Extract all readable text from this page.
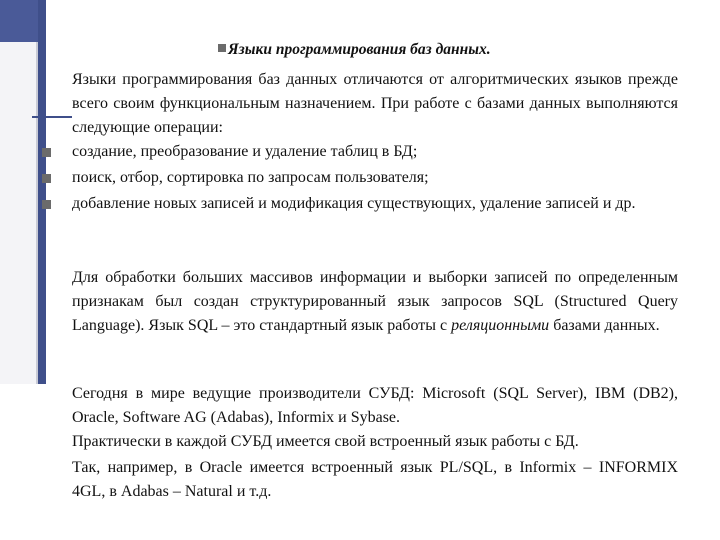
Языки программирования баз данных.
Языки программирования баз данных отличаются от алгоритмических языков прежде всего своим функциональным назначением. При работе с базами данных выполняются следующие операции:
создание, преобразование и удаление таблиц в БД;
поиск, отбор, сортировка по запросам пользователя;
добавление новых записей и модификация существующих, удаление записей и др.
Для обработки больших массивов информации и выборки записей по определенным признакам был создан структурированный язык запросов SQL (Structured Query Language). Язык SQL – это стандартный язык работы с реляционными базами данных.
Сегодня в мире ведущие производители СУБД: Microsoft (SQL Server), IBM (DB2), Oracle, Software AG (Adabas), Informix и Sybase.
Практически в каждой СУБД имеется свой встроенный язык работы с БД.
Так, например, в Oracle имеется встроенный язык PL/SQL, в Informix – INFORMIX 4GL, в Adabas – Natural и т.д.
